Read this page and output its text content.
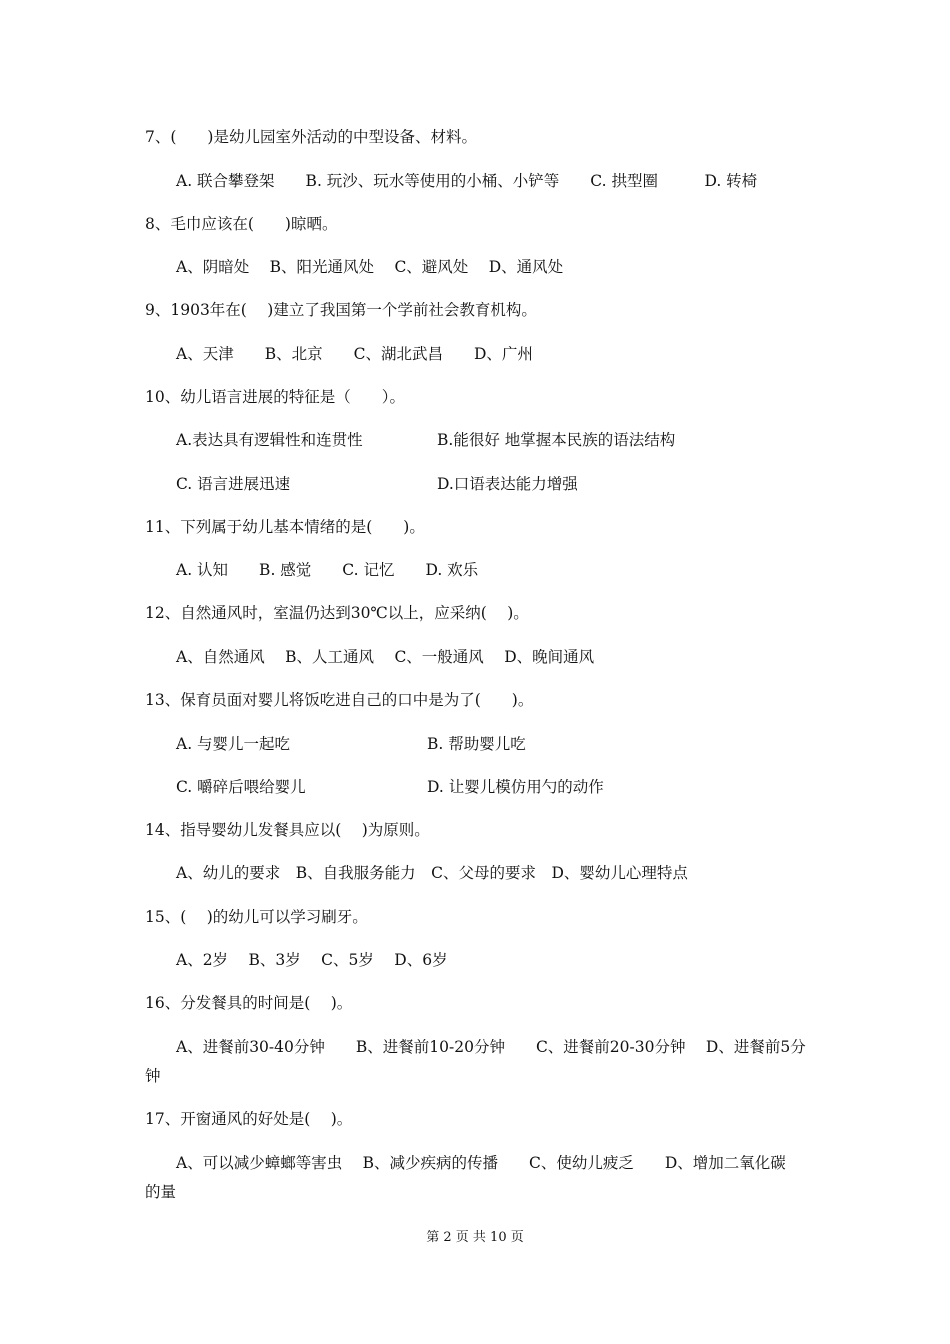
7、(　　)是幼儿园室外活动的中型设备、材料。
A. 联合攀登架　　B. 玩沙、玩水等使用的小桶、小铲等　　C. 拱型圈　　　D. 转椅
8、毛巾应该在(　　)晾晒。
A、阴暗处　 B、阳光通风处　 C、避风处　 D、通风处
9、1903年在(　 )建立了我国第一个学前社会教育机构。
A、天津　　B、北京　　C、湖北武昌　　D、广州
10、幼儿语言进展的特征是（　　）。
A.表达具有逻辑性和连贯性	B.能很好 地掌握本民族的语法结构
C. 语言进展迅速	D.口语表达能力增强
11、下列属于幼儿基本情绪的是(　　)。
A. 认知　　B. 感觉　　C. 记忆　　D. 欢乐
12、自然通风时，室温仍达到30℃以上，应采纳(　 )。
A、自然通风　 B、人工通风　 C、一般通风　 D、晚间通风
13、保育员面对婴儿将饭吃进自己的口中是为了(　　)。
A. 与婴儿一起吃	B. 帮助婴儿吃
C. 嚼碎后喂给婴儿	D. 让婴儿模仿用勺的动作
14、指导婴幼儿发餐具应以(　 )为原则。
A、幼儿的要求　B、自我服务能力　C、父母的要求　D、婴幼儿心理特点
15、(　 )的幼儿可以学习刷牙。
A、2岁　 B、3岁　 C、5岁　 D、6岁
16、分发餐具的时间是(　 )。
A、进餐前30-40分钟　　B、进餐前10-20分钟　　C、进餐前20-30分钟　 D、进餐前5分
钟
17、开窗通风的好处是(　 )。
A、可以减少蟑螂等害虫　 B、减少疾病的传播　　C、使幼儿疲乏　　D、增加二氧化碳
的量
第 2 页 共 10 页
